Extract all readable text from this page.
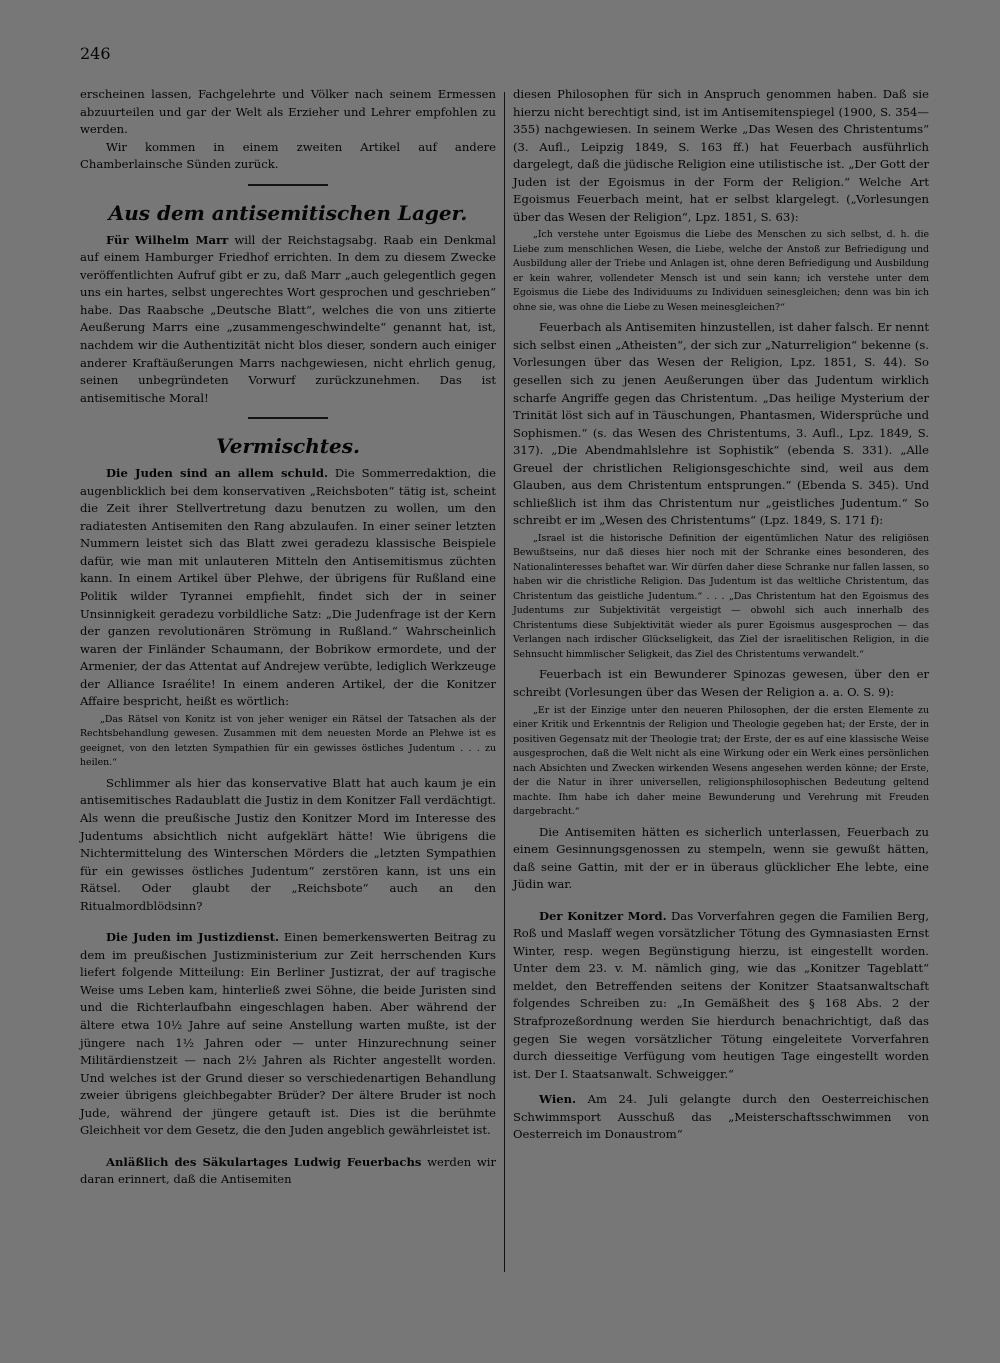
246

erscheinen lassen, Fachgelehrte und Völker nach seinem Ermessen abzuurteilen und gar der Welt als Erzieher und Lehrer empfohlen zu werden.

Wir kommen in einem zweiten Artikel auf andere Chamberlainsche Sünden zurück.

Aus dem antisemitischen Lager.

Für Wilhelm Marr will der Reichstagsabg. Raab ein Denkmal auf einem Hamburger Friedhof errichten. In dem zu diesem Zwecke veröffentlichten Aufruf gibt er zu, daß Marr „auch gelegentlich gegen uns ein hartes, selbst ungerechtes Wort gesprochen und geschrieben“ habe. Das Raabsche „Deutsche Blatt“, welches die von uns zitierte Aeußerung Marrs eine „zusammengeschwindelte“ genannt hat, ist, nachdem wir die Authentizität nicht blos dieser, sondern auch einiger anderer Kraftäußerungen Marrs nachgewiesen, nicht ehrlich genug, seinen unbegründeten Vorwurf zurückzunehmen. Das ist antisemitische Moral!

Vermischtes.

Die Juden sind an allem schuld. Die Sommerredaktion, die augenblicklich bei dem konservativen „Reichsboten“ tätig ist, scheint die Zeit ihrer Stellvertretung dazu benutzen zu wollen, um den radiatesten Antisemiten den Rang abzulaufen. In einer seiner letzten Nummern leistet sich das Blatt zwei geradezu klassische Beispiele dafür, wie man mit unlauteren Mitteln den Antisemitismus züchten kann. In einem Artikel über Plehwe, der übrigens für Rußland eine Politik wilder Tyrannei empfiehlt, findet sich der in seiner Unsinnigkeit geradezu vorbildliche Satz: „Die Judenfrage ist der Kern der ganzen revolutionären Strömung in Rußland.“ Wahrscheinlich waren der Finländer Schaumann, der Bobrikow ermordete, und der Armenier, der das Attentat auf Andrejew verübte, lediglich Werkzeuge der Alliance Israélite! In einem anderen Artikel, der die Konitzer Affaire bespricht, heißt es wörtlich:

„Das Rätsel von Konitz ist von jeher weniger ein Rätsel der Tatsachen als der Rechtsbehandlung gewesen. Zusammen mit dem neuesten Morde an Plehwe ist es geeignet, von den letzten Sympathien für ein gewisses östliches Judentum . . . zu heilen.“

Schlimmer als hier das konservative Blatt hat auch kaum je ein antisemitisches Radaublatt die Justiz in dem Konitzer Fall verdächtigt. Als wenn die preußische Justiz den Konitzer Mord im Interesse des Judentums absichtlich nicht aufgeklärt hätte! Wie übrigens die Nichtermittelung des Winterschen Mörders die „letzten Sympathien für ein gewisses östliches Judentum“ zerstören kann, ist uns ein Rätsel. Oder glaubt der „Reichsbote“ auch an den Ritualmordblödsinn?

Die Juden im Justizdienst. Einen bemerkenswerten Beitrag zu dem im preußischen Justizministerium zur Zeit herrschenden Kurs liefert folgende Mitteilung: Ein Berliner Justizrat, der auf tragische Weise ums Leben kam, hinterließ zwei Söhne, die beide Juristen sind und die Richterlaufbahn eingeschlagen haben. Aber während der ältere etwa 10½ Jahre auf seine Anstellung warten mußte, ist der jüngere nach 1½ Jahren oder — unter Hinzurechnung seiner Militärdienstzeit — nach 2½ Jahren als Richter angestellt worden. Und welches ist der Grund dieser so verschiedenartigen Behandlung zweier übrigens gleichbegabter Brüder? Der ältere Bruder ist noch Jude, während der jüngere getauft ist. Dies ist die berühmte Gleichheit vor dem Gesetz, die den Juden angeblich gewährleistet ist.

Anläßlich des Säkulartages Ludwig Feuerbachs werden wir daran erinnert, daß die Antisemiten

diesen Philosophen für sich in Anspruch genommen haben. Daß sie hierzu nicht berechtigt sind, ist im Antisemitenspiegel (1900, S. 354—355) nachgewiesen. In seinem Werke „Das Wesen des Christentums“ (3. Aufl., Leipzig 1849, S. 163 ff.) hat Feuerbach ausführlich dargelegt, daß die jüdische Religion eine utilistische ist. „Der Gott der Juden ist der Egoismus in der Form der Religion.“ Welche Art Egoismus Feuerbach meint, hat er selbst klargelegt. („Vorlesungen über das Wesen der Religion“, Lpz. 1851, S. 63):

„Ich verstehe unter Egoismus die Liebe des Menschen zu sich selbst, d. h. die Liebe zum menschlichen Wesen, die Liebe, welche der Anstoß zur Befriedigung und Ausbildung aller der Triebe und Anlagen ist, ohne deren Befriedigung und Ausbildung er kein wahrer, vollendeter Mensch ist und sein kann; ich verstehe unter dem Egoismus die Liebe des Individuums zu Individuen seinesgleichen; denn was bin ich ohne sie, was ohne die Liebe zu Wesen meinesgleichen?“

Feuerbach als Antisemiten hinzustellen, ist daher falsch. Er nennt sich selbst einen „Atheisten“, der sich zur „Naturreligion“ bekenne (s. Vorlesungen über das Wesen der Religion, Lpz. 1851, S. 44). So gesellen sich zu jenen Aeußerungen über das Judentum wirklich scharfe Angriffe gegen das Christentum. „Das heilige Mysterium der Trinität löst sich auf in Täuschungen, Phantasmen, Widersprüche und Sophismen.“ (s. das Wesen des Christentums, 3. Aufl., Lpz. 1849, S. 317). „Die Abendmahlslehre ist Sophistik“ (ebenda S. 331). „Alle Greuel der christlichen Religionsgeschichte sind, weil aus dem Glauben, aus dem Christentum entsprungen.“ (Ebenda S. 345). Und schließlich ist ihm das Christentum nur „geistliches Judentum.“ So schreibt er im „Wesen des Christentums“ (Lpz. 1849, S. 171 f):

„Israel ist die historische Definition der eigentümlichen Natur des religiösen Bewußtseins, nur daß dieses hier noch mit der Schranke eines besonderen, des Nationalinteresses behaftet war. Wir dürfen daher diese Schranke nur fallen lassen, so haben wir die christliche Religion. Das Judentum ist das weltliche Christentum, das Christentum das geistliche Judentum.“ . . . „Das Christentum hat den Egoismus des Judentums zur Subjektivität vergeistigt — obwohl sich auch innerhalb des Christentums diese Subjektivität wieder als purer Egoismus ausgesprochen — das Verlangen nach irdischer Glückseligkeit, das Ziel der israelitischen Religion, in die Sehnsucht himmlischer Seligkeit, das Ziel des Christentums verwandelt.“

Feuerbach ist ein Bewunderer Spinozas gewesen, über den er schreibt (Vorlesungen über das Wesen der Religion a. a. O. S. 9):

„Er ist der Einzige unter den neueren Philosophen, der die ersten Elemente zu einer Kritik und Erkenntnis der Religion und Theologie gegeben hat; der Erste, der in positiven Gegensatz mit der Theologie trat; der Erste, der es auf eine klassische Weise ausgesprochen, daß die Welt nicht als eine Wirkung oder ein Werk eines persönlichen nach Absichten und Zwecken wirkenden Wesens angesehen werden könne; der Erste, der die Natur in ihrer universellen, religionsphilosophischen Bedeutung geltend machte. Ihm habe ich daher meine Bewunderung und Verehrung mit Freuden dargebracht.“

Die Antisemiten hätten es sicherlich unterlassen, Feuerbach zu einem Gesinnungsgenossen zu stempeln, wenn sie gewußt hätten, daß seine Gattin, mit der er in überaus glücklicher Ehe lebte, eine Jüdin war.

Der Konitzer Mord. Das Vorverfahren gegen die Familien Berg, Roß und Maslaff wegen vorsätzlicher Tötung des Gymnasiasten Ernst Winter, resp. wegen Begünstigung hierzu, ist eingestellt worden. Unter dem 23. v. M. nämlich ging, wie das „Konitzer Tageblatt“ meldet, den Betreffenden seitens der Konitzer Staatsanwaltschaft folgendes Schreiben zu: „In Gemäßheit des § 168 Abs. 2 der Strafprozeßordnung werden Sie hierdurch benachrichtigt, daß das gegen Sie wegen vorsätzlicher Tötung eingeleitete Vorverfahren durch diesseitige Verfügung vom heutigen Tage eingestellt worden ist. Der I. Staatsanwalt. Schweigger.“

Wien. Am 24. Juli gelangte durch den Oesterreichischen Schwimmsport Ausschuß das „Meisterschaftsschwimmen von Oesterreich im Donaustrom“
